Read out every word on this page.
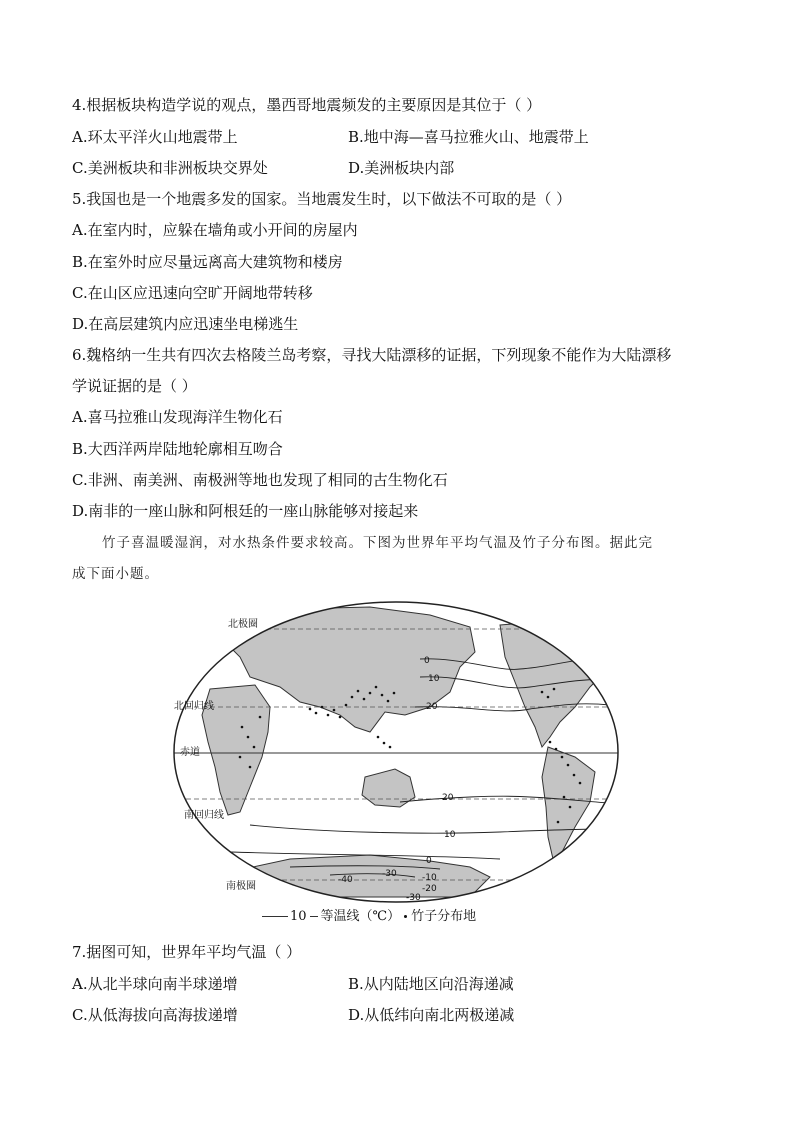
4.根据板块构造学说的观点，墨西哥地震频发的主要原因是其位于（ ）
A.环太平洋火山地震带上	B.地中海—喜马拉雅火山、地震带上
C.美洲板块和非洲板块交界处	D.美洲板块内部
5.我国也是一个地震多发的国家。当地震发生时，以下做法不可取的是（ ）
A.在室内时，应躲在墙角或小开间的房屋内
B.在室外时应尽量远离高大建筑物和楼房
C.在山区应迅速向空旷开阔地带转移
D.在高层建筑内应迅速坐电梯逃生
6.魏格纳一生共有四次去格陵兰岛考察，寻找大陆漂移的证据，下列现象不能作为大陆漂移
学说证据的是（ ）
A.喜马拉雅山发现海洋生物化石
B.大西洋两岸陆地轮廓相互吻合
C.非洲、南美洲、南极洲等地也发现了相同的古生物化石
D.南非的一座山脉和阿根廷的一座山脉能够对接起来
竹子喜温暖湿润，对水热条件要求较高。下图为世界年平均气温及竹子分布图。据此完
成下面小题。
北极圈
北回归线
赤道
南回归线
南极圈
0
10
20
20
10
0
-10
-20
-30
-40
-30
10 等温线（℃） 竹子分布地
7.据图可知，世界年平均气温（ ）
A.从北半球向南半球递增	B.从内陆地区向沿海递减
C.从低海拔向高海拔递增	D.从低纬向南北两极递减
